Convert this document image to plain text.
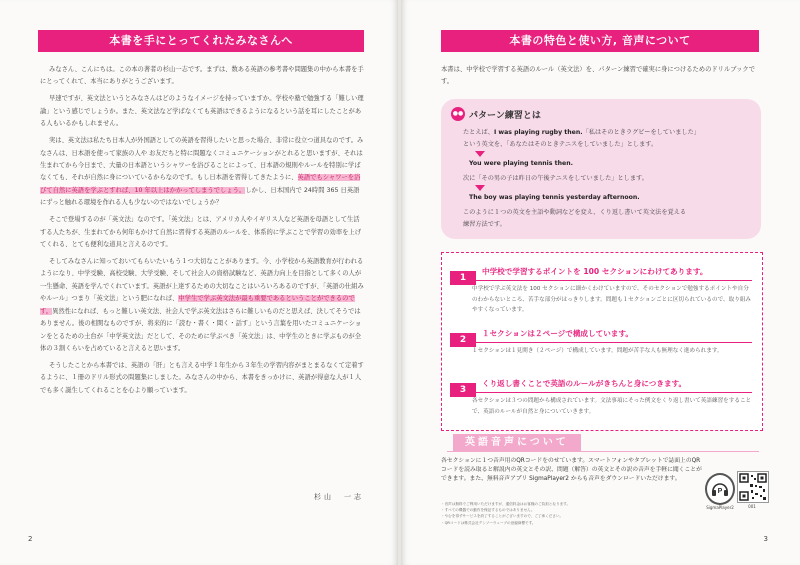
本書を手にとってくれたみなさんへ

みなさん、こんにちは。この本の著者の杉山一志です。まずは、数ある英語の参考書や問題集の中から本書を手にとってくれて、本当にありがとうございます。

早速ですが、英文法というとみなさんはどのようなイメージを持っていますか。学校や塾で勉強する「難しい理論」という感じでしょうか。また、英文法など学ばなくても英語はできるようになるという話を耳にしたことがある人もいるかもしれません。

実は、英文法は私たち日本人が外国語としての英語を習得したいと思った場合、非常に役立つ道具なのです。みなさんは、日本語を使って家族の人や お友だちと特に問題なくコミュニケーションがとれると思いますが、それは生まれてから今日まで、大量の日本語というシャワーを浴びることによって、日本語の規則やルールを特別に学ばなくても、それが自然に身についているからなのです。もし日本語を習得してきたように、英語でもシャワーを浴びて自然に英語を学ぶとすれば、10 年以上はかかってしまうでしょう。しかし、日本国内で 24時間 365 日英語にずっと触れる環境を作れる人も少ないのではないでしょうか？

そこで登場するのが「英文法」なのです。「英文法」とは、アメリカ人やイギリス人など英語を母語として生活する人たちが、生まれてから何年もかけて自然に習得する英語のルールを、体系的に学ぶことで学習の効率を上げてくれる、とても便利な道具と言えるのです。

そしてみなさんに知っておいてもらいたいもう１つ大切なことがあります。今、小学校から英語教育が行われるようになり、中学受験、高校受験、大学受験、そして社会人の資格試験など、英語力向上を目指として多くの人が一生懸命、英語を学んでくれています。英語が上達するための大切なことはいろいろあるのですが、「英語の仕組みやルール」つまり「英文法」という肥になれば、中学生で学ぶ英文法が最も重要であるということができるのです。異然性になれば、もっと難しい英文法、社会人で学ぶ英文法はさらに難しいものだと思えば、決してそうではありません。後の相関なものですが、将来的に「読む・書く・聞く・話す」という言葉を用いたコミュニケーションをとるための土台が「中学英文法」だとして、そのために学ぶべき「英文法」は、中学生のときに学ぶものが全体の３割くらいを占めていると言えると思います。

そうしたことから本書では、英語の「肝」とも言える中学１年生から３年生の学習内容がまとまるなくて定着するように、１冊のドリル形式の問題集にしました。みなさんの中から、本書をきっかけに、英語が得意な人が１人でも多く誕生してくれることを心より願っています。

杉山　一志
2
本書の特色と使い方, 音声について
本書は、中学校で学習する英語のルール（英文法）を、パターン練習で確実に身につけるためのドリルブックです。
●● パターン練習とは
たとえば、I was playing rugby then.「私はそのときラグビーをしていました」
という英文を、「あなたはそのときテニスをしていました」とします。
You were playing tennis then.
次に「その男の子は昨日の午後テニスをしていました」とします。
The boy was playing tennis yesterday afternoon.
このように１つの英文を主語や動詞などを変え、くり返し書いて英文法を覚える
練習方法です。
1中学校で学習するポイントを 100 セクションにわけてあります。
中学校で学ぶ英文法を 100 セクションに細かくわけていますので、そのセクションで勉強するポイントや自分のわからないところ、苦手な部分がはっきりします。問題も１セクションごとに区切られているので、取り組みやすくなっています。
2１セクションは２ページで構成しています。
１セクションは１見開き（２ページ）で構成しています。問題が苦手な人も無理なく進められます。
3くり返し書くことで英語のルールがきちんと身につきます。
各セクションは３つの問題から構成されています。文法事項にそった例文をくり返し書いて英語練習をすることで、英語のルールが自然と身についていきます。
英語音声について
各セクションに１つ音声用のQRコードをのせています。スマートフォンやタブレットで誌面上のQRコードを読み取ると解説内の英文とその訳、問題（解答）の英文とその訳の音声を手軽に聞くことができます。また、無料音声アプリ SigmaPlayer2 からも音声をダウンロードいただけます。
・音声は無料でご利用いただけますが、通信料金はお客様のご負担となります。
・すべての機器での動作を保証するものではありません。
・やむを得ずサービスを終了することがございますので、ご了承ください。
・QRコードは株式会社デンソーウェーブの登録商標です。
P
SigmaPlayer2	001
3
